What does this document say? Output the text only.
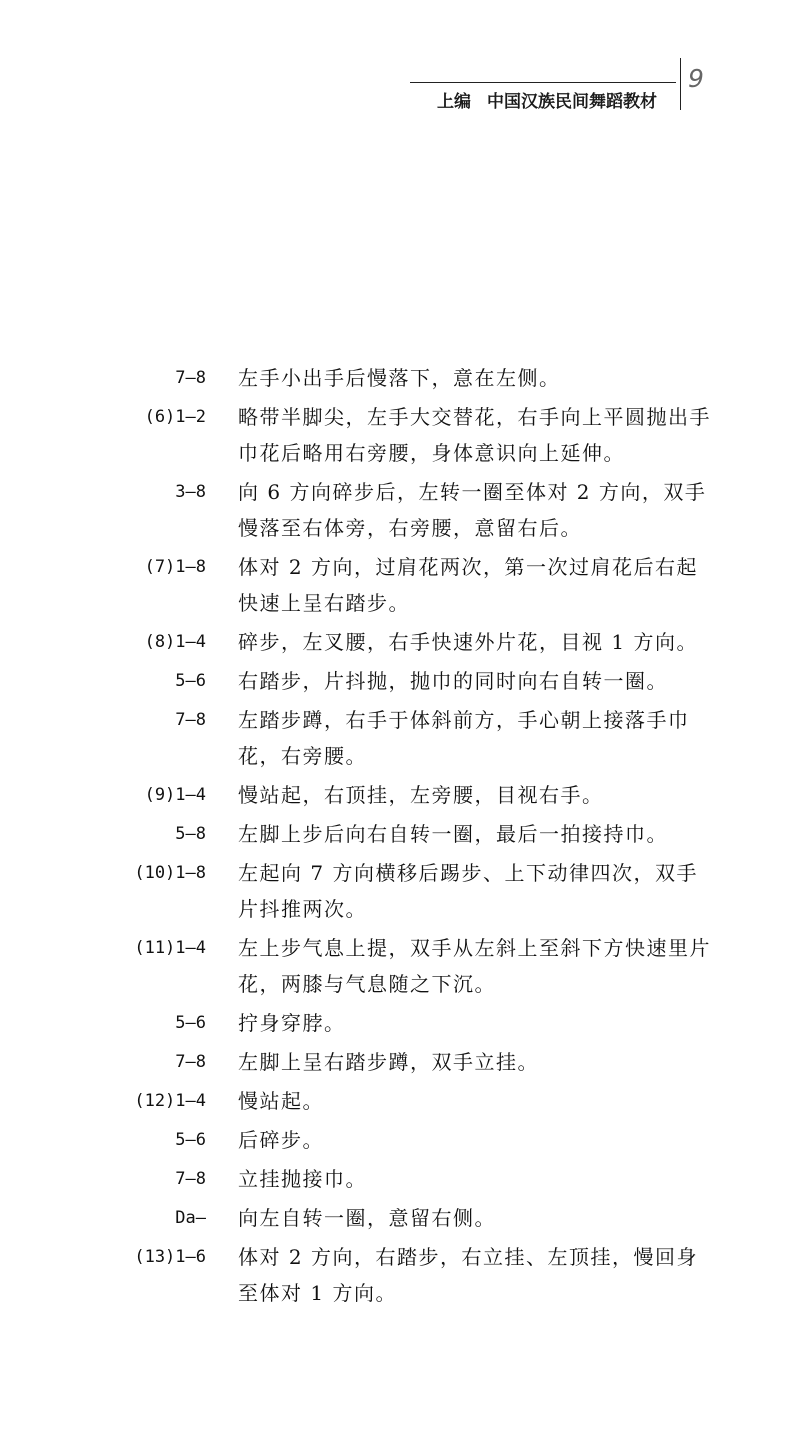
9
上编 中国汉族民间舞蹈教材
7—8	左手小出手后慢落下，意在左侧。
(6)1—2	略带半脚尖，左手大交替花，右手向上平圆抛出手巾花后略用右旁腰，身体意识向上延伸。
3—8	向 6 方向碎步后，左转一圈至体对 2 方向，双手慢落至右体旁，右旁腰，意留右后。
(7)1—8	体对 2 方向，过肩花两次，第一次过肩花后右起快速上呈右踏步。
(8)1—4	碎步，左叉腰，右手快速外片花，目视 1 方向。
5—6	右踏步，片抖抛，抛巾的同时向右自转一圈。
7—8	左踏步蹲，右手于体斜前方，手心朝上接落手巾花，右旁腰。
(9)1—4	慢站起，右顶挂，左旁腰，目视右手。
5—8	左脚上步后向右自转一圈，最后一拍接持巾。
(10)1—8	左起向 7 方向横移后踢步、上下动律四次，双手片抖推两次。
(11)1—4	左上步气息上提，双手从左斜上至斜下方快速里片花，两膝与气息随之下沉。
5—6	拧身穿脖。
7—8	左脚上呈右踏步蹲，双手立挂。
(12)1—4	慢站起。
5—6	后碎步。
7—8	立挂抛接巾。
Da—	向左自转一圈，意留右侧。
(13)1—6	体对 2 方向，右踏步，右立挂、左顶挂，慢回身至体对 1 方向。
